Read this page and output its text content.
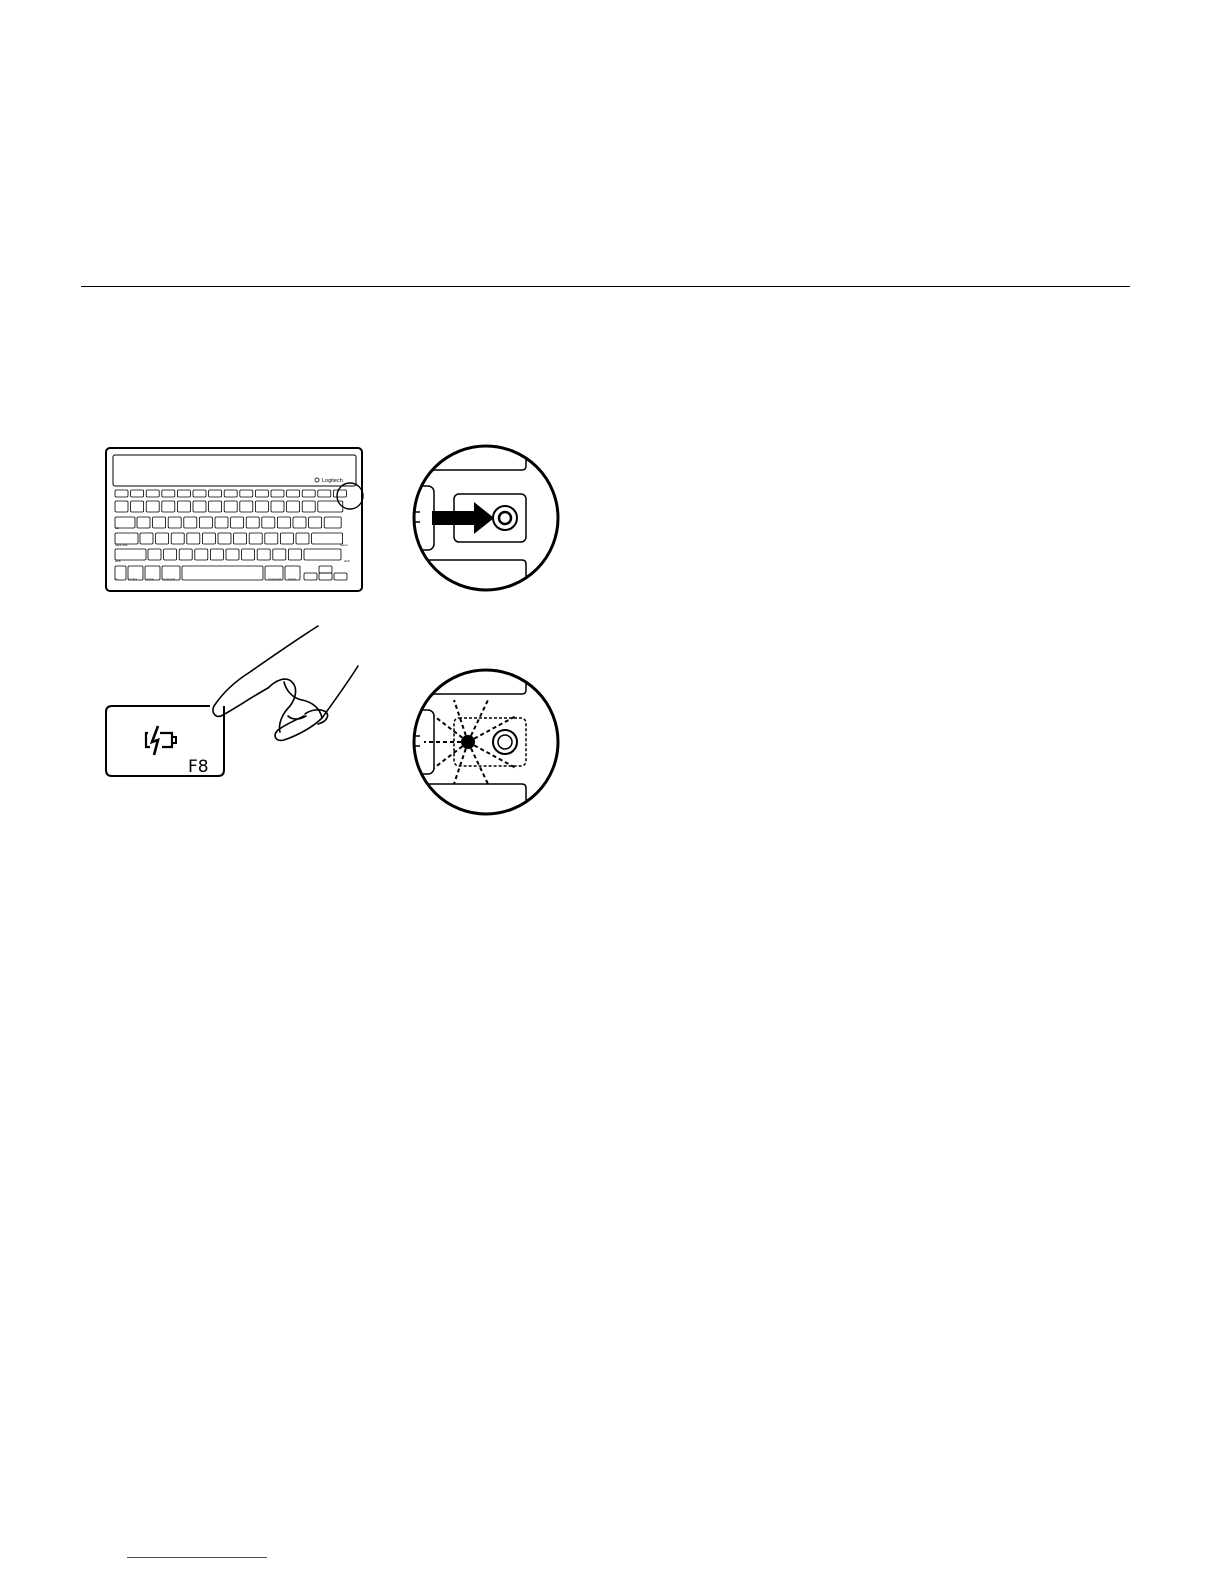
Logitech
tab
caps lock	return
shift	shift
fn	control	option	command	command option
F8
